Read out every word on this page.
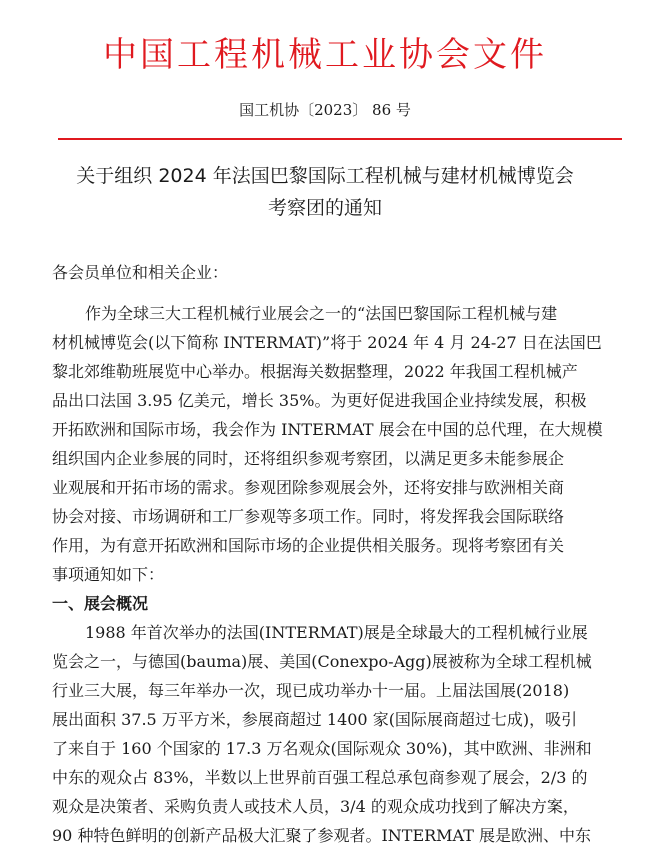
中国工程机械工业协会文件
国工机协〔2023〕 86 号
关于组织 2024 年法国巴黎国际工程机械与建材机械博览会
考察团的通知
各会员单位和相关企业：
作为全球三大工程机械行业展会之一的“法国巴黎国际工程机械与建
材机械博览会(以下简称 INTERMAT)”将于 2024 年 4 月 24-27 日在法国巴
黎北郊维勒班展览中心举办。根据海关数据整理，2022 年我国工程机械产
品出口法国 3.95 亿美元，增长 35%。为更好促进我国企业持续发展，积极
开拓欧洲和国际市场，我会作为 INTERMAT 展会在中国的总代理，在大规模
组织国内企业参展的同时，还将组织参观考察团，以满足更多未能参展企
业观展和开拓市场的需求。参观团除参观展会外，还将安排与欧洲相关商
协会对接、市场调研和工厂参观等多项工作。同时，将发挥我会国际联络
作用，为有意开拓欧洲和国际市场的企业提供相关服务。现将考察团有关
事项通知如下：
一、展会概况
1988 年首次举办的法国(INTERMAT)展是全球最大的工程机械行业展
览会之一，与德国(bauma)展、美国(Conexpo-Agg)展被称为全球工程机械
行业三大展，每三年举办一次，现已成功举办十一届。上届法国展(2018)
展出面积 37.5 万平方米，参展商超过 1400 家(国际展商超过七成)，吸引
了来自于 160 个国家的 17.3 万名观众(国际观众 30%)，其中欧洲、非洲和
中东的观众占 83%，半数以上世界前百强工程总承包商参观了展会，2/3 的
观众是决策者、采购负责人或技术人员，3/4 的观众成功找到了解决方案，
90 种特色鲜明的创新产品极大汇聚了参观者。INTERMAT 展是欧洲、中东
